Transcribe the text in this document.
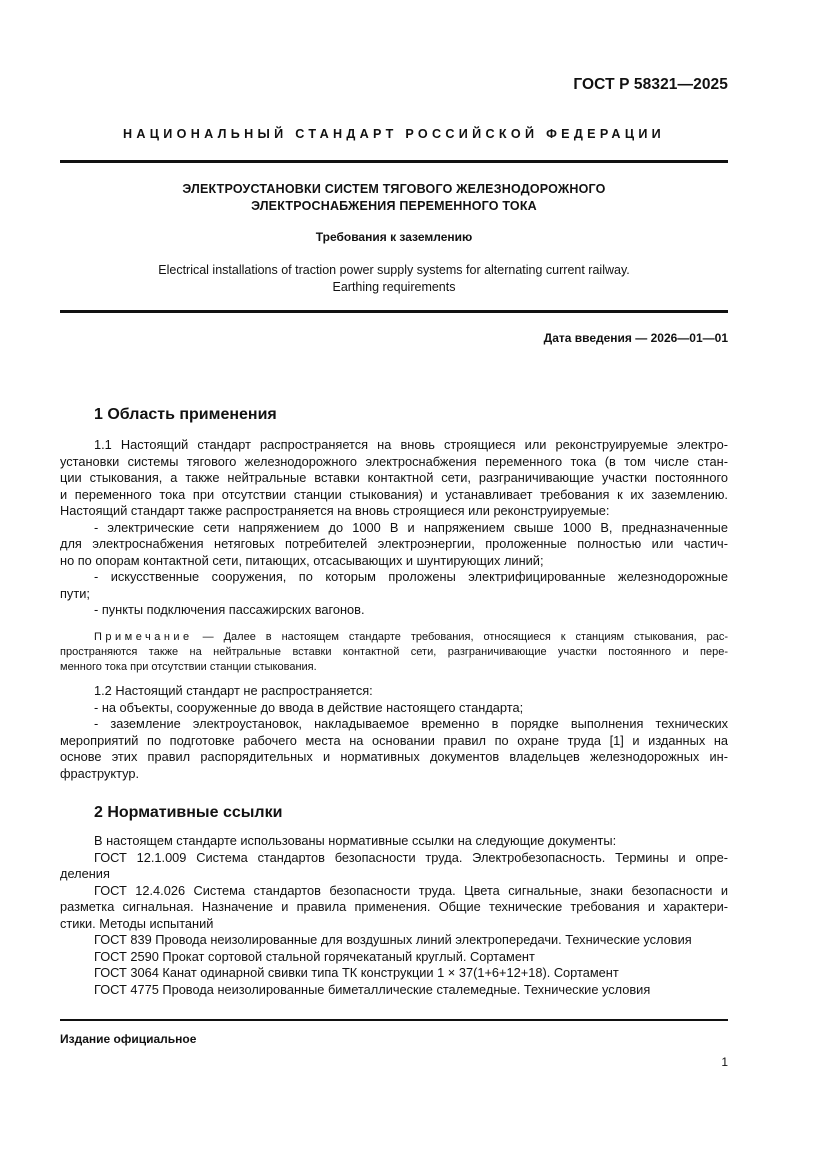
ГОСТ Р 58321—2025
НАЦИОНАЛЬНЫЙ СТАНДАРТ РОССИЙСКОЙ ФЕДЕРАЦИИ
ЭЛЕКТРОУСТАНОВКИ СИСТЕМ ТЯГОВОГО ЖЕЛЕЗНОДОРОЖНОГО
ЭЛЕКТРОСНАБЖЕНИЯ ПЕРЕМЕННОГО ТОКА
Требования к заземлению
Electrical installations of traction power supply systems for alternating current railway.
Earthing requirements
Дата введения — 2026—01—01
1 Область применения
1.1 Настоящий стандарт распространяется на вновь строящиеся или реконструируемые электро-
установки системы тягового железнодорожного электроснабжения переменного тока (в том числе стан-
ции стыкования, а также нейтральные вставки контактной сети, разграничивающие участки постоянного
и переменного тока при отсутствии станции стыкования) и устанавливает требования к их заземлению.
Настоящий стандарт также распространяется на вновь строящиеся или реконструируемые:
- электрические сети напряжением до 1000 В и напряжением свыше 1000 В, предназначенные
для электроснабжения нетяговых потребителей электроэнергии, проложенные полностью или частич-
но по опорам контактной сети, питающих, отсасывающих и шунтирующих линий;
- искусственные сооружения, по которым проложены электрифицированные железнодорожные
пути;
- пункты подключения пассажирских вагонов.
Примечание — Далее в настоящем стандарте требования, относящиеся к станциям стыкования, рас-
пространяются также на нейтральные вставки контактной сети, разграничивающие участки постоянного и пере-
менного тока при отсутствии станции стыкования.
1.2 Настоящий стандарт не распространяется:
- на объекты, сооруженные до ввода в действие настоящего стандарта;
- заземление электроустановок, накладываемое временно в порядке выполнения технических
мероприятий по подготовке рабочего места на основании правил по охране труда [1] и изданных на
основе этих правил распорядительных и нормативных документов владельцев железнодорожных ин-
фраструктур.
2 Нормативные ссылки
В настоящем стандарте использованы нормативные ссылки на следующие документы:
ГОСТ 12.1.009 Система стандартов безопасности труда. Электробезопасность. Термины и опре-
деления
ГОСТ 12.4.026 Система стандартов безопасности труда. Цвета сигнальные, знаки безопасности и
разметка сигнальная. Назначение и правила применения. Общие технические требования и характери-
стики. Методы испытаний
ГОСТ 839 Провода неизолированные для воздушных линий электропередачи. Технические условия
ГОСТ 2590 Прокат сортовой стальной горячекатаный круглый. Сортамент
ГОСТ 3064 Канат одинарной свивки типа ТК конструкции 1 × 37(1+6+12+18). Сортамент
ГОСТ 4775 Провода неизолированные биметаллические сталемедные. Технические условия
Издание официальное
1
